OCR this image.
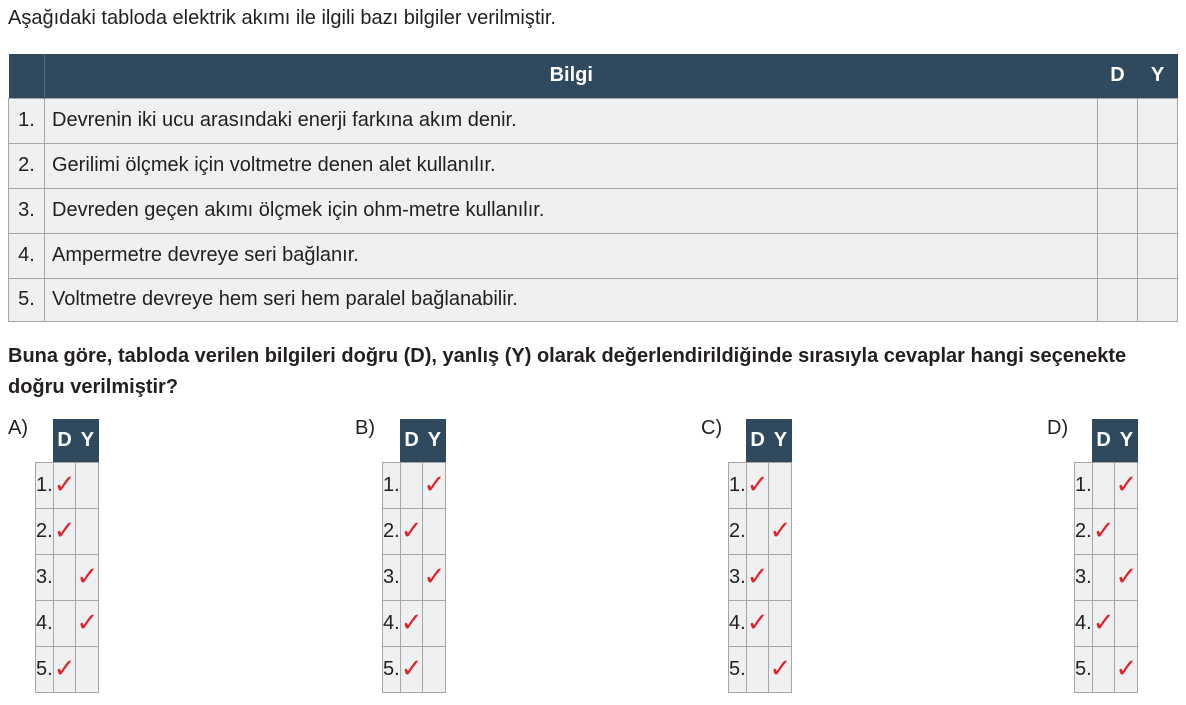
Aşağıdaki tabloda elektrik akımı ile ilgili bazı bilgiler verilmiştir.
	Bilgi	D	Y
1.	Devrenin iki ucu arasındaki enerji farkına akım denir.		
2.	Gerilimi ölçmek için voltmetre denen alet kullanılır.		
3.	Devreden geçen akımı ölçmek için ohm-metre kullanılır.		
4.	Ampermetre devreye seri bağlanır.		
5.	Voltmetre devreye hem seri hem paralel bağlanabilir.		
Buna göre, tabloda verilen bilgileri doğru (D), yanlış (Y) olarak değerlendirildiğinde sırasıyla cevaplar hangi seçenekte doğru verilmiştir?
A)
	D	Y
1.	✓	
2.	✓	
3.		✓
4.		✓
5.	✓	
B)
	D	Y
1.		✓
2.	✓	
3.		✓
4.	✓	
5.	✓	
C)
	D	Y
1.	✓	
2.		✓
3.	✓	
4.	✓	
5.		✓
D)
	D	Y
1.		✓
2.	✓	
3.		✓
4.	✓	
5.		✓
